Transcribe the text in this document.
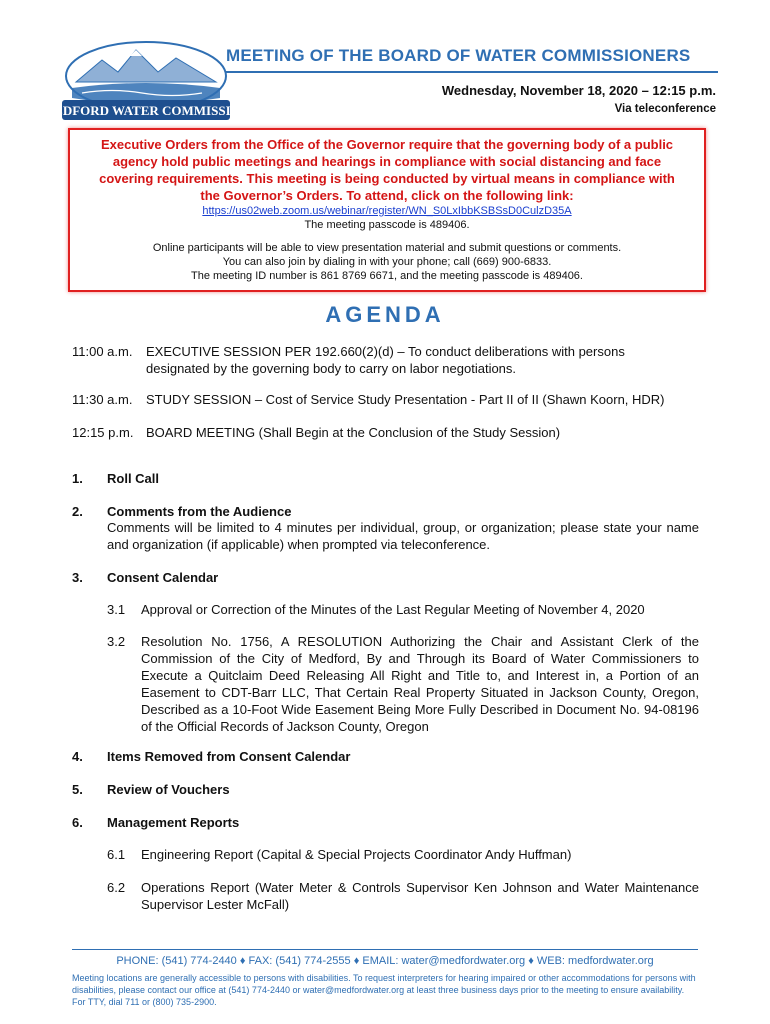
MEDFORD WATER COMMISSION
MEETING OF THE BOARD OF WATER COMMISSIONERS
Wednesday, November 18, 2020 – 12:15 p.m.
Via teleconference
Executive Orders from the Office of the Governor require that the governing body of a public
agency hold public meetings and hearings in compliance with social distancing and face
covering requirements. This meeting is being conducted by virtual means in compliance with
the Governor’s Orders. To attend, click on the following link:
https://us02web.zoom.us/webinar/register/WN_S0LxIbbKSBSsD0CulzD35A
The meeting passcode is 489406.
Online participants will be able to view presentation material and submit questions or comments.
You can also join by dialing in with your phone; call (669) 900-6833.
The meeting ID number is 861 8769 6671, and the meeting passcode is 489406.
AGENDA
11:00 a.m. EXECUTIVE SESSION PER 192.660(2)(d) – To conduct deliberations with persons
designated by the governing body to carry on labor negotiations.
11:30 a.m. STUDY SESSION – Cost of Service Study Presentation - Part II of II (Shawn Koorn, HDR)
12:15 p.m. BOARD MEETING (Shall Begin at the Conclusion of the Study Session)
1. Roll Call
2. Comments from the Audience
Comments will be limited to 4 minutes per individual, group, or organization; please state your name and organization (if applicable) when prompted via teleconference.
3. Consent Calendar
3.1 Approval or Correction of the Minutes of the Last Regular Meeting of November 4, 2020
3.2 Resolution No. 1756, A RESOLUTION Authorizing the Chair and Assistant Clerk of the Commission of the City of Medford, By and Through its Board of Water Commissioners to Execute a Quitclaim Deed Releasing All Right and Title to, and Interest in, a Portion of an Easement to CDT-Barr LLC, That Certain Real Property Situated in Jackson County, Oregon, Described as a 10-Foot Wide Easement Being More Fully Described in Document No. 94-08196 of the Official Records of Jackson County, Oregon
4. Items Removed from Consent Calendar
5. Review of Vouchers
6. Management Reports
6.1 Engineering Report (Capital & Special Projects Coordinator Andy Huffman)
6.2 Operations Report (Water Meter & Controls Supervisor Ken Johnson and Water Maintenance Supervisor Lester McFall)
PHONE: (541) 774-2440 ♦ FAX: (541) 774-2555 ♦ EMAIL: water@medfordwater.org ♦ WEB: medfordwater.org
Meeting locations are generally accessible to persons with disabilities. To request interpreters for hearing impaired or other accommodations for persons with disabilities, please contact our office at (541) 774-2440 or water@medfordwater.org at least three business days prior to the meeting to ensure availability. For TTY, dial 711 or (800) 735-2900.
